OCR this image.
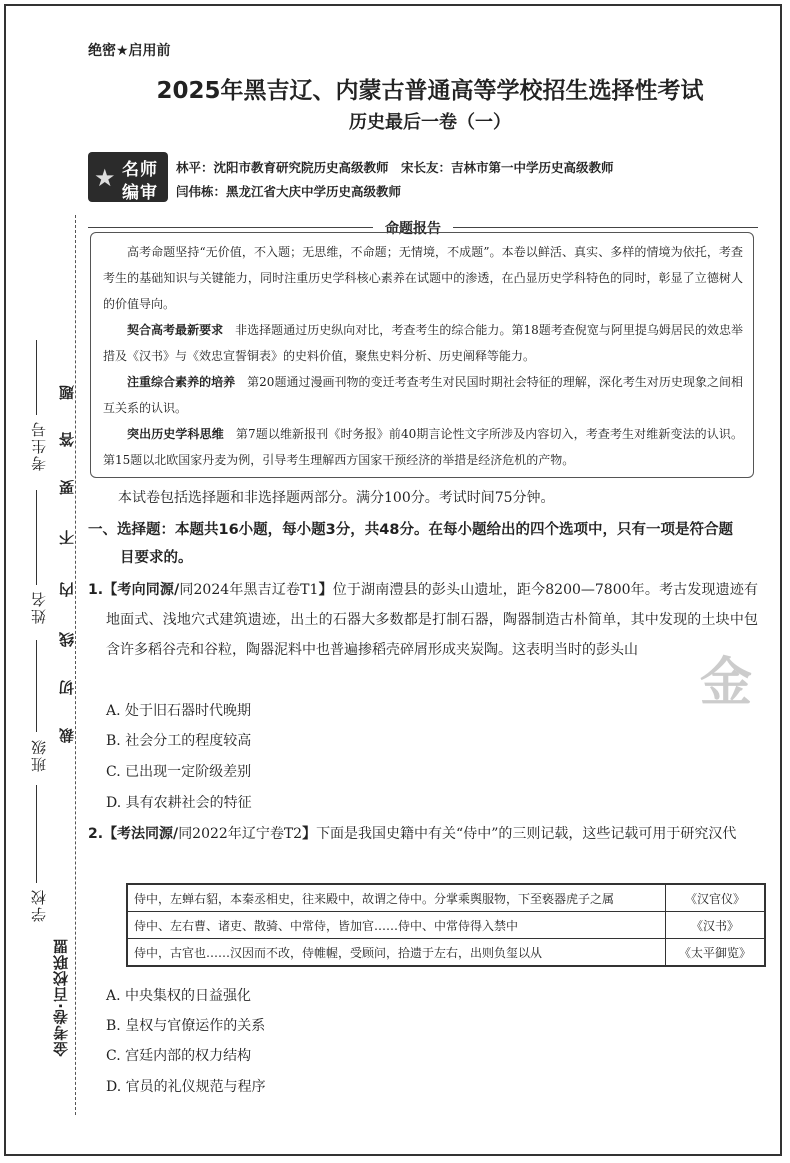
题
答
要
不
内
线
切
裁
考生号
姓名
班级
学校
金考卷·百校联盟
绝密★启用前
2025年黑吉辽、内蒙古普通高等学校招生选择性考试
历史最后一卷（一）
★ 名师
编审
林平：沈阳市教育研究院历史高级教师　宋长友：吉林市第一中学历史高级教师
闫伟栋：黑龙江省大庆中学历史高级教师
命题报告

高考命题坚持“无价值，不入题；无思维，不命题；无情境，不成题”。本卷以鲜活、真实、多样的情境为依托，考查考生的基础知识与关键能力，同时注重历史学科核心素养在试题中的渗透，在凸显历史学科特色的同时，彰显了立德树人的价值导向。

契合高考最新要求　非选择题通过历史纵向对比，考查考生的综合能力。第18题考查倪宽与阿里提乌姆居民的效忠举措及《汉书》与《效忠宣誓铜表》的史料价值，聚焦史料分析、历史阐释等能力。

注重综合素养的培养　第20题通过漫画刊物的变迁考查考生对民国时期社会特征的理解，深化考生对历史现象之间相互关系的认识。

突出历史学科思维　第7题以维新报刊《时务报》前40期言论性文字所涉及内容切入，考查考生对维新变法的认识。第15题以北欧国家丹麦为例，引导考生理解西方国家干预经济的举措是经济危机的产物。

本试卷包括选择题和非选择题两部分。满分100分。考试时间75分钟。
一、选择题：本题共16小题，每小题3分，共48分。在每小题给出的四个选项中，只有一项是符合题
目要求的。
1.【考向同源/同2024年黑吉辽卷T1】位于湖南澧县的彭头山遗址，距今8200—7800年。考古发现遗迹有地面式、浅地穴式建筑遗迹，出土的石器大多数都是打制石器，陶器制造古朴简单，其中发现的土块中包含许多稻谷壳和谷粒，陶器泥料中也普遍掺稻壳碎屑形成夹炭陶。这表明当时的彭头山
A. 处于旧石器时代晚期
B. 社会分工的程度较高
C. 已出现一定阶级差别
D. 具有农耕社会的特征
2.【考法同源/同2022年辽宁卷T2】下面是我国史籍中有关“侍中”的三则记载，这些记载可用于研究汉代
侍中，左蝉右貂，本秦丞相史，往来殿中，故谓之侍中。分掌乘舆服物，下至亵器虎子之属	《汉官仪》
侍中、左右曹、诸吏、散骑、中常侍，皆加官……侍中、中常侍得入禁中	《汉书》
侍中，古官也……汉因而不改，侍帷幄，受顾问，拾遗于左右，出则负玺以从	《太平御览》
A. 中央集权的日益强化
B. 皇权与官僚运作的关系
C. 宫廷内部的权力结构
D. 官员的礼仪规范与程序
金
